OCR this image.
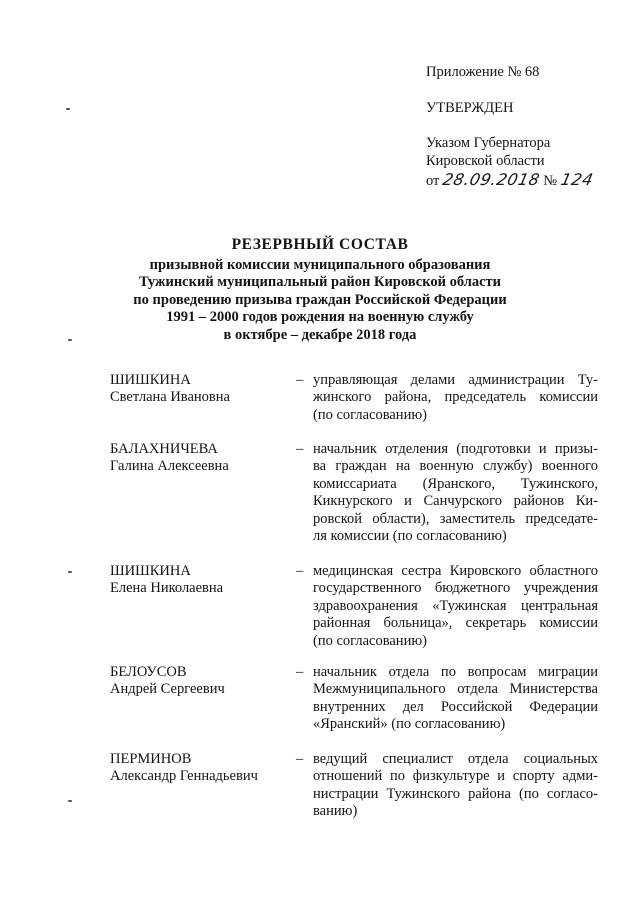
Приложение № 68
УТВЕРЖДЕН
Указом Губернатора
Кировской области
от 28.09.2018 № 124
РЕЗЕРВНЫЙ СОСТАВ
призывной комиссии муниципального образования
Тужинский муниципальный район Кировской области
по проведению призыва граждан Российской Федерации
1991 – 2000 годов рождения на военную службу
в октябре – декабре 2018 года
ШИШКИНА
Светлана Ивановна
– управляющая делами администрации Ту-
жинского района, председатель комиссии
(по согласованию)
БАЛАХНИЧЕВА
Галина Алексеевна
– начальник отделения (подготовки и призы-
ва граждан на военную службу) военного
комиссариата (Яранского, Тужинского,
Кикнурского и Санчурского районов Ки-
ровской области), заместитель председате-
ля комиссии (по согласованию)
ШИШКИНА
Елена Николаевна
– медицинская сестра Кировского областного
государственного бюджетного учреждения
здравоохранения «Тужинская центральная
районная больница», секретарь комиссии
(по согласованию)
БЕЛОУСОВ
Андрей Сергеевич
– начальник отдела по вопросам миграции
Межмуниципального отдела Министерства
внутренних дел Российской Федерации
«Яранский» (по согласованию)
ПЕРМИНОВ
Александр Геннадьевич
– ведущий специалист отдела социальных
отношений по физкультуре и спорту адми-
нистрации Тужинского района (по согласо-
ванию)
